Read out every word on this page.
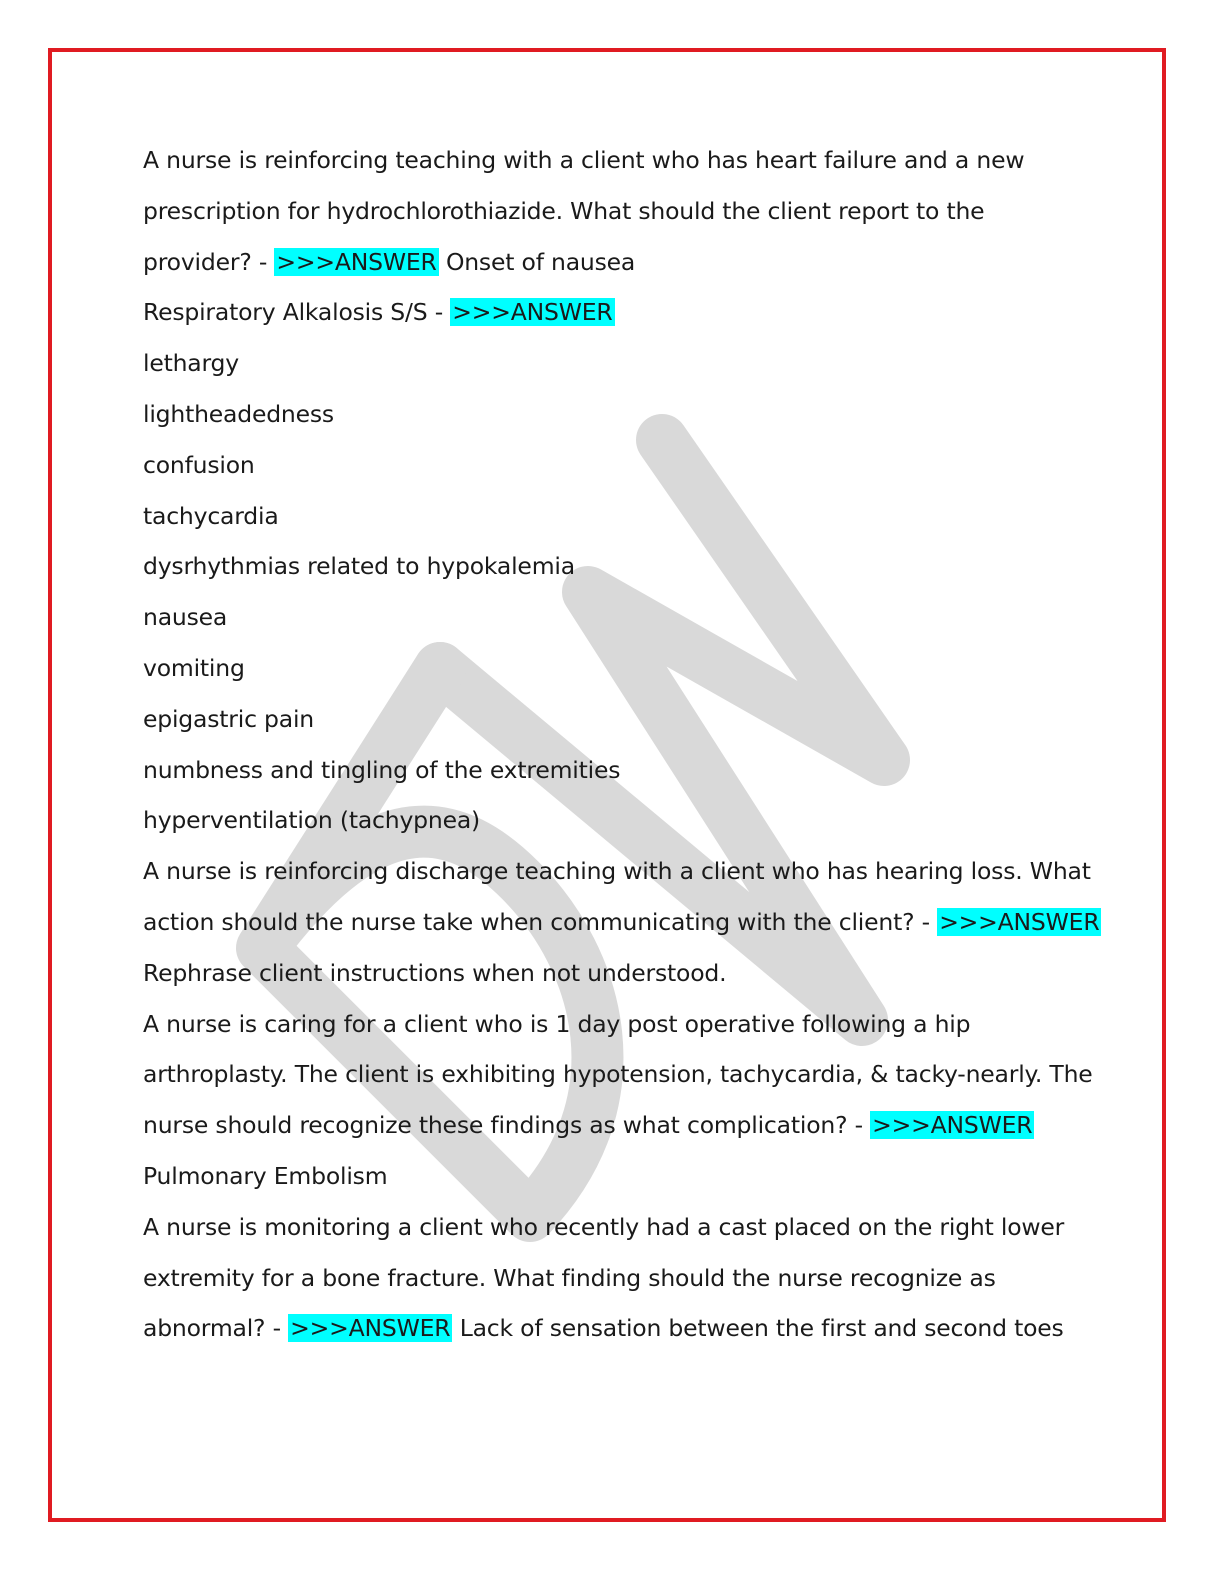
A nurse is reinforcing teaching with a client who has heart failure and a new
prescription for hydrochlorothiazide. What should the client report to the
provider? - >>>ANSWER Onset of nausea
Respiratory Alkalosis S/S - >>>ANSWER
lethargy
lightheadedness
confusion
tachycardia
dysrhythmias related to hypokalemia
nausea
vomiting
epigastric pain
numbness and tingling of the extremities
hyperventilation (tachypnea)
A nurse is reinforcing discharge teaching with a client who has hearing loss. What
action should the nurse take when communicating with the client? - >>>ANSWER
Rephrase client instructions when not understood.
A nurse is caring for a client who is 1 day post operative following a hip
arthroplasty. The client is exhibiting hypotension, tachycardia, & tacky-nearly. The
nurse should recognize these findings as what complication? - >>>ANSWER
Pulmonary Embolism
A nurse is monitoring a client who recently had a cast placed on the right lower
extremity for a bone fracture. What finding should the nurse recognize as
abnormal? - >>>ANSWER Lack of sensation between the first and second toes
